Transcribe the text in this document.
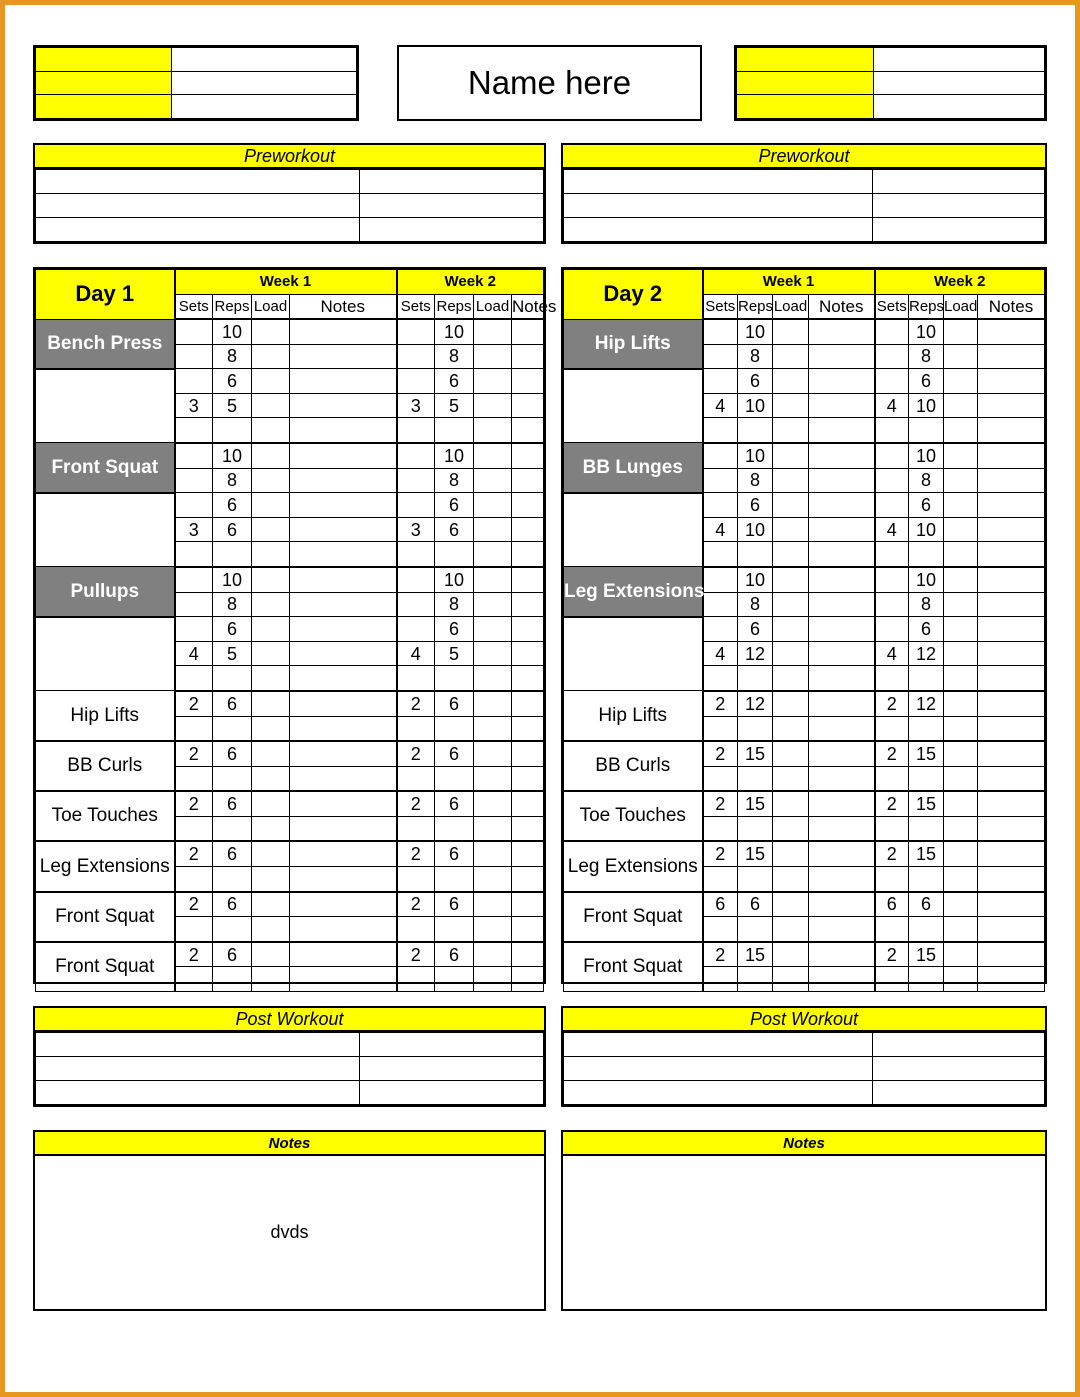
Name here

Preworkout

		Preworkout

Day 1	Week 1				Week 2			
	Sets	Reps	Load	Notes	Sets	Reps	Load	Notes
Bench Press		10				10		
		8				8		
		6				6		
	3	5			3	5		

Front Squat		10				10		
		8				8		
		6				6		
	3	6			3	6		

Pullups		10				10		
		8				8		
		6				6		
	4	5			4	5		

Hip Lifts	2	6			2	6		

BB Curls	2	6			2	6		

Toe Touches	2	6			2	6		

Leg Extensions	2	6			2	6		

Front Squat	2	6			2	6		

Front Squat	2	6			2	6		

Day 2	Week 1				Week 2			
	Sets	Reps	Load	Notes	Sets	Reps	Load	Notes
Hip Lifts		10				10		
		8				8		
		6				6		
	4	10			4	10		

BB Lunges		10				10		
		8				8		
		6				6		
	4	10			4	10		

Leg Extensions		10				10		
		8				8		
		6				6		
	4	12			4	12		

Hip Lifts	2	12			2	12		

BB Curls	2	15			2	15		

Toe Touches	2	15			2	15		

Leg Extensions	2	15			2	15		

Front Squat	6	6			6	6		

Front Squat	2	15			2	15		

Post Workout

		Post Workout

Notes
dvds
Notes
